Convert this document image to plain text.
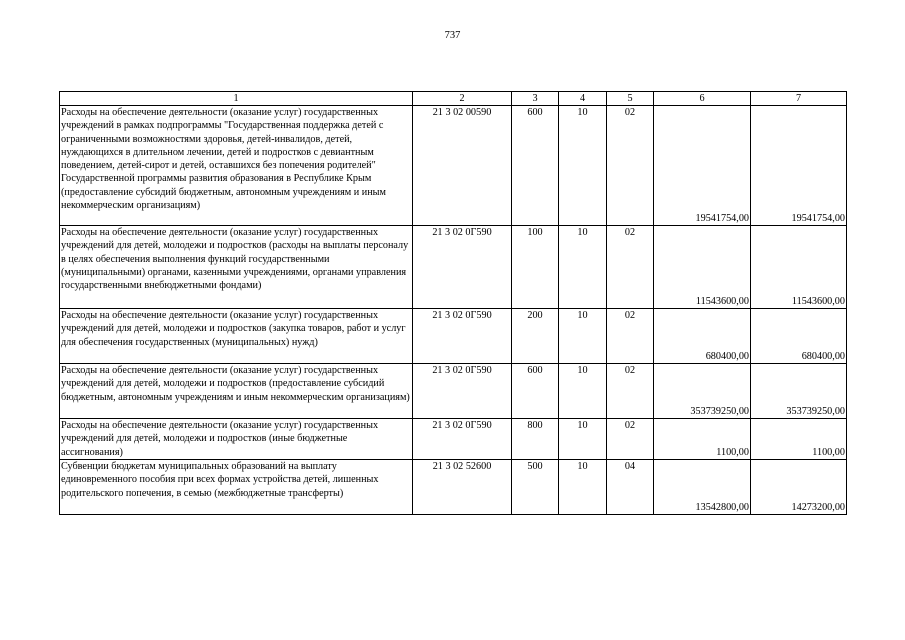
737
1	2	3	4	5	6	7
Расходы на обеспечение деятельности (оказание услуг) государственных учреждений в рамках подпрограммы "Государственная поддержка детей с ограниченными возможностями здоровья, детей-инвалидов, детей, нуждающихся в длительном лечении, детей и подростков с девиантным поведением, детей-сирот и детей, оставшихся без попечения родителей" Государственной программы развития образования в Республике Крым (предоставление субсидий бюджетным, автономным учреждениям и иным некоммерческим организациям)	21 3 02 00590	600	10	02	19541754,00	19541754,00
Расходы на обеспечение деятельности (оказание услуг) государственных учреждений для детей, молодежи и подростков (расходы на выплаты персоналу в целях обеспечения выполнения функций государственными (муниципальными) органами, казенными учреждениями, органами управления государственными внебюджетными фондами)	21 3 02 0Г590	100	10	02	11543600,00	11543600,00
Расходы на обеспечение деятельности (оказание услуг) государственных учреждений для детей, молодежи и подростков (закупка товаров, работ и услуг для обеспечения государственных (муниципальных) нужд)	21 3 02 0Г590	200	10	02	680400,00	680400,00
Расходы на обеспечение деятельности (оказание услуг) государственных учреждений для детей, молодежи и подростков (предоставление субсидий бюджетным, автономным учреждениям и иным некоммерческим организациям)	21 3 02 0Г590	600	10	02	353739250,00	353739250,00
Расходы на обеспечение деятельности (оказание услуг) государственных учреждений для детей, молодежи и подростков (иные бюджетные ассигнования)	21 3 02 0Г590	800	10	02	1100,00	1100,00
Субвенции бюджетам муниципальных образований на выплату единовременного пособия при всех формах устройства детей, лишенных родительского попечения, в семью (межбюджетные трансферты)	21 3 02 52600	500	10	04	13542800,00	14273200,00
